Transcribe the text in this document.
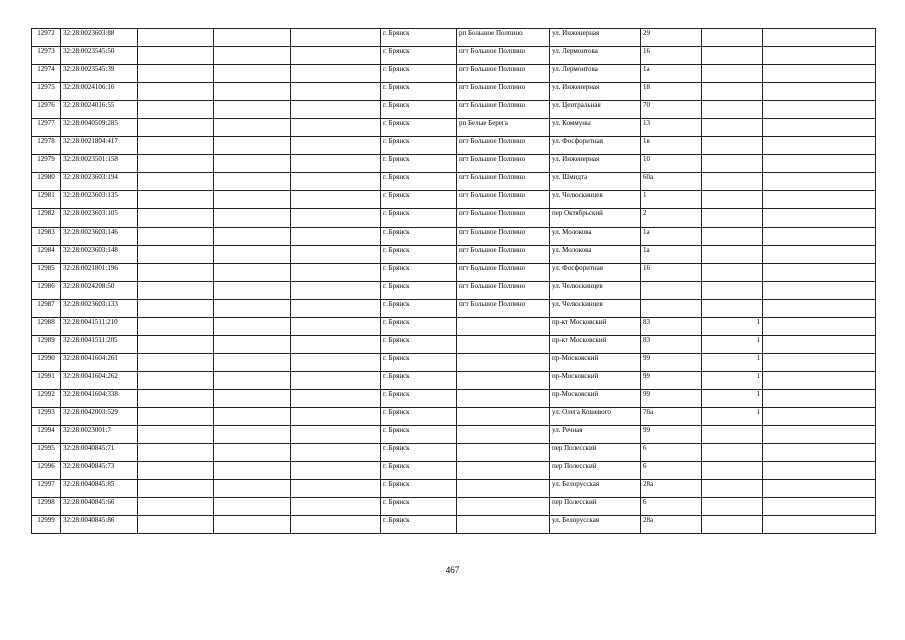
12972	32:28:0023603:88				г. Брянск	рп Большое Полпино	ул. Инженерная	29		
12973	32:28:0023545:50				г. Брянск	пгт Большое Полпино	ул. Лермонтова	16		
12974	32:28:0023545:39				г. Брянск	пгт Большое Полпино	ул. Лермонтова	1а		
12975	32:28:0024106:16				г. Брянск	пгт Большое Полпино	ул. Инженерная	18		
12976	32:28:0024016:55				г. Брянск	пгт Большое Полпино	ул. Центральная	70		
12977	32:28:0040509:285				г. Брянск	рп Белые Берега	ул. Коммуны	13		
12978	32:28:0021804:417				г. Брянск	пгт Большое Полпино	ул. Фосфоритная	1в		
12979	32:28:0023501:158				г. Брянск	пгт Большое Полпино	ул. Инженерная	10		
12980	32:28:0023603:194				г. Брянск	пгт Большое Полпино	ул. Шмидта	60а		
12981	32:28:0023603:135				г. Брянск	пгт Большое Полпино	ул. Челюскинцев	1		
12982	32:28:0023603:105				г. Брянск	пгт Большое Полпино	пер Октябрьский	2		
12983	32:28:0023603:146				г. Брянск	пгт Большое Полпино	ул. Молокова	1а		
12984	32:28:0023603:148				г. Брянск	пгт Большое Полпино	ул. Молокова	1а		
12985	32:28:0021801:196				г. Брянск	пгт Большое Полпино	ул. Фосфоритная	16		
12986	32:28:0024208:50				г. Брянск	пгт Большое Полпино	ул. Челюскинцев			
12987	32:28:0023603:133				г. Брянск	пгт Большое Полпино	ул. Челюскинцев			
12988	32:28:0041511:210				г. Брянск		пр-кт Московский	83	1	
12989	32:28:0041511:205				г. Брянск		пр-кт Московский	83	1	
12990	32:28:0041604:261				г. Брянск		пр-Московский	99	1	
12991	32:28:0041604:262				г. Брянск		пр-Московский	99	1	
12992	32:28:0041604:338				г. Брянск		пр-Московский	99	1	
12993	32:28:0042003:529				г. Брянск		ул. Олега Кошевого	76а	1	
12994	32:28:0023001:7				г. Брянск		ул. Речная	99		
12995	32:28:0040845:71				г. Брянск		пер Полесский	6		
12996	32:28:0040845:73				г. Брянск		пер Полесский	6		
12997	32:28:0040845:85				г. Брянск		ул. Белорусская	28а		
12998	32:28:0040845:66				г. Брянск		пер Полесский	6		
12999	32:28:0040845:86				г. Брянск		ул. Белорусская	28а		
467
